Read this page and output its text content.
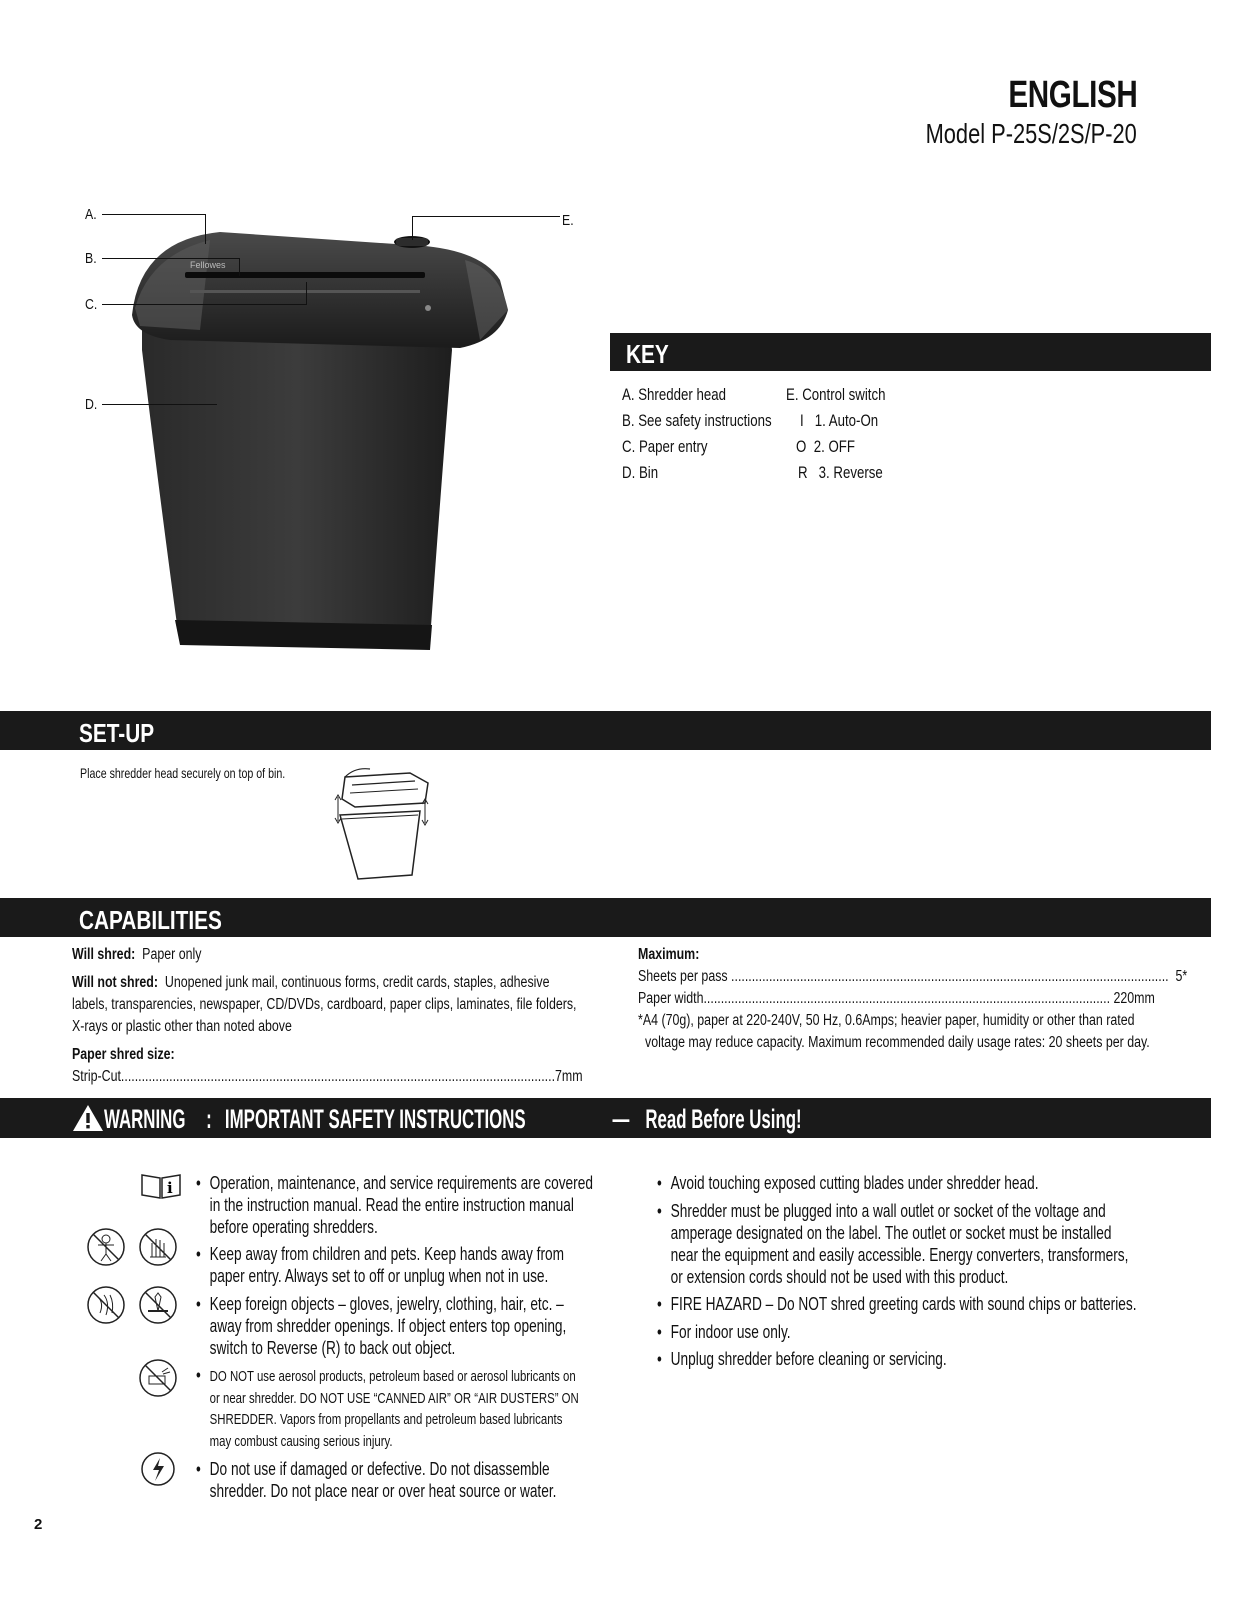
ENGLISH
Model P-25S/2S/P-20
Fellowes
A.
B.
C.
D.
E.
KEY
A. Shredder head
B. See safety instructions
C. Paper entry
D. Bin
E. Control switch
I 1. Auto-On
O 2. OFF
R 3. Reverse
SET-UP
Place shredder head securely on top of bin.
CAPABILITIES
Will shred: Paper only
Will not shred: Unopened junk mail, continuous forms, credit cards, staples, adhesive
labels, transparencies, newspaper, CD/DVDs, cardboard, paper clips, laminates, file folders,
X-rays or plastic other than noted above
Paper shred size:
Strip-Cut..............................................................................................................................7mm
Maximum:
Sheets per pass ...............................................................................................................................  5*
Paper width...................................................................................................................... 220mm
*A4 (70g), paper at 220-240V, 50 Hz, 0.6Amps; heavier paper, humidity or other than rated
voltage may reduce capacity. Maximum recommended daily usage rates: 20 sheets per day.
WARNING : IMPORTANT SAFETY INSTRUCTIONS	— Read Before Using!
i • Operation, maintenance, and service requirements are covered
in the instruction manual. Read the entire instruction manual
before operating shredders.
• Keep away from children and pets. Keep hands away from
paper entry. Always set to off or unplug when not in use.
• Keep foreign objects – gloves, jewelry, clothing, hair, etc. –
away from shredder openings. If object enters top opening,
switch to Reverse (R) to back out object.
• DO NOT use aerosol products, petroleum based or aerosol lubricants on
or near shredder. DO NOT USE “CANNED AIR” OR “AIR DUSTERS” ON
SHREDDER. Vapors from propellants and petroleum based lubricants
may combust causing serious injury.
• Do not use if damaged or defective. Do not disassemble
shredder. Do not place near or over heat source or water.
• Avoid touching exposed cutting blades under shredder head.
• Shredder must be plugged into a wall outlet or socket of the voltage and
amperage designated on the label. The outlet or socket must be installed
near the equipment and easily accessible. Energy converters, transformers,
or extension cords should not be used with this product.
• FIRE HAZARD – Do NOT shred greeting cards with sound chips or batteries.
• For indoor use only.
• Unplug shredder before cleaning or servicing.
2
